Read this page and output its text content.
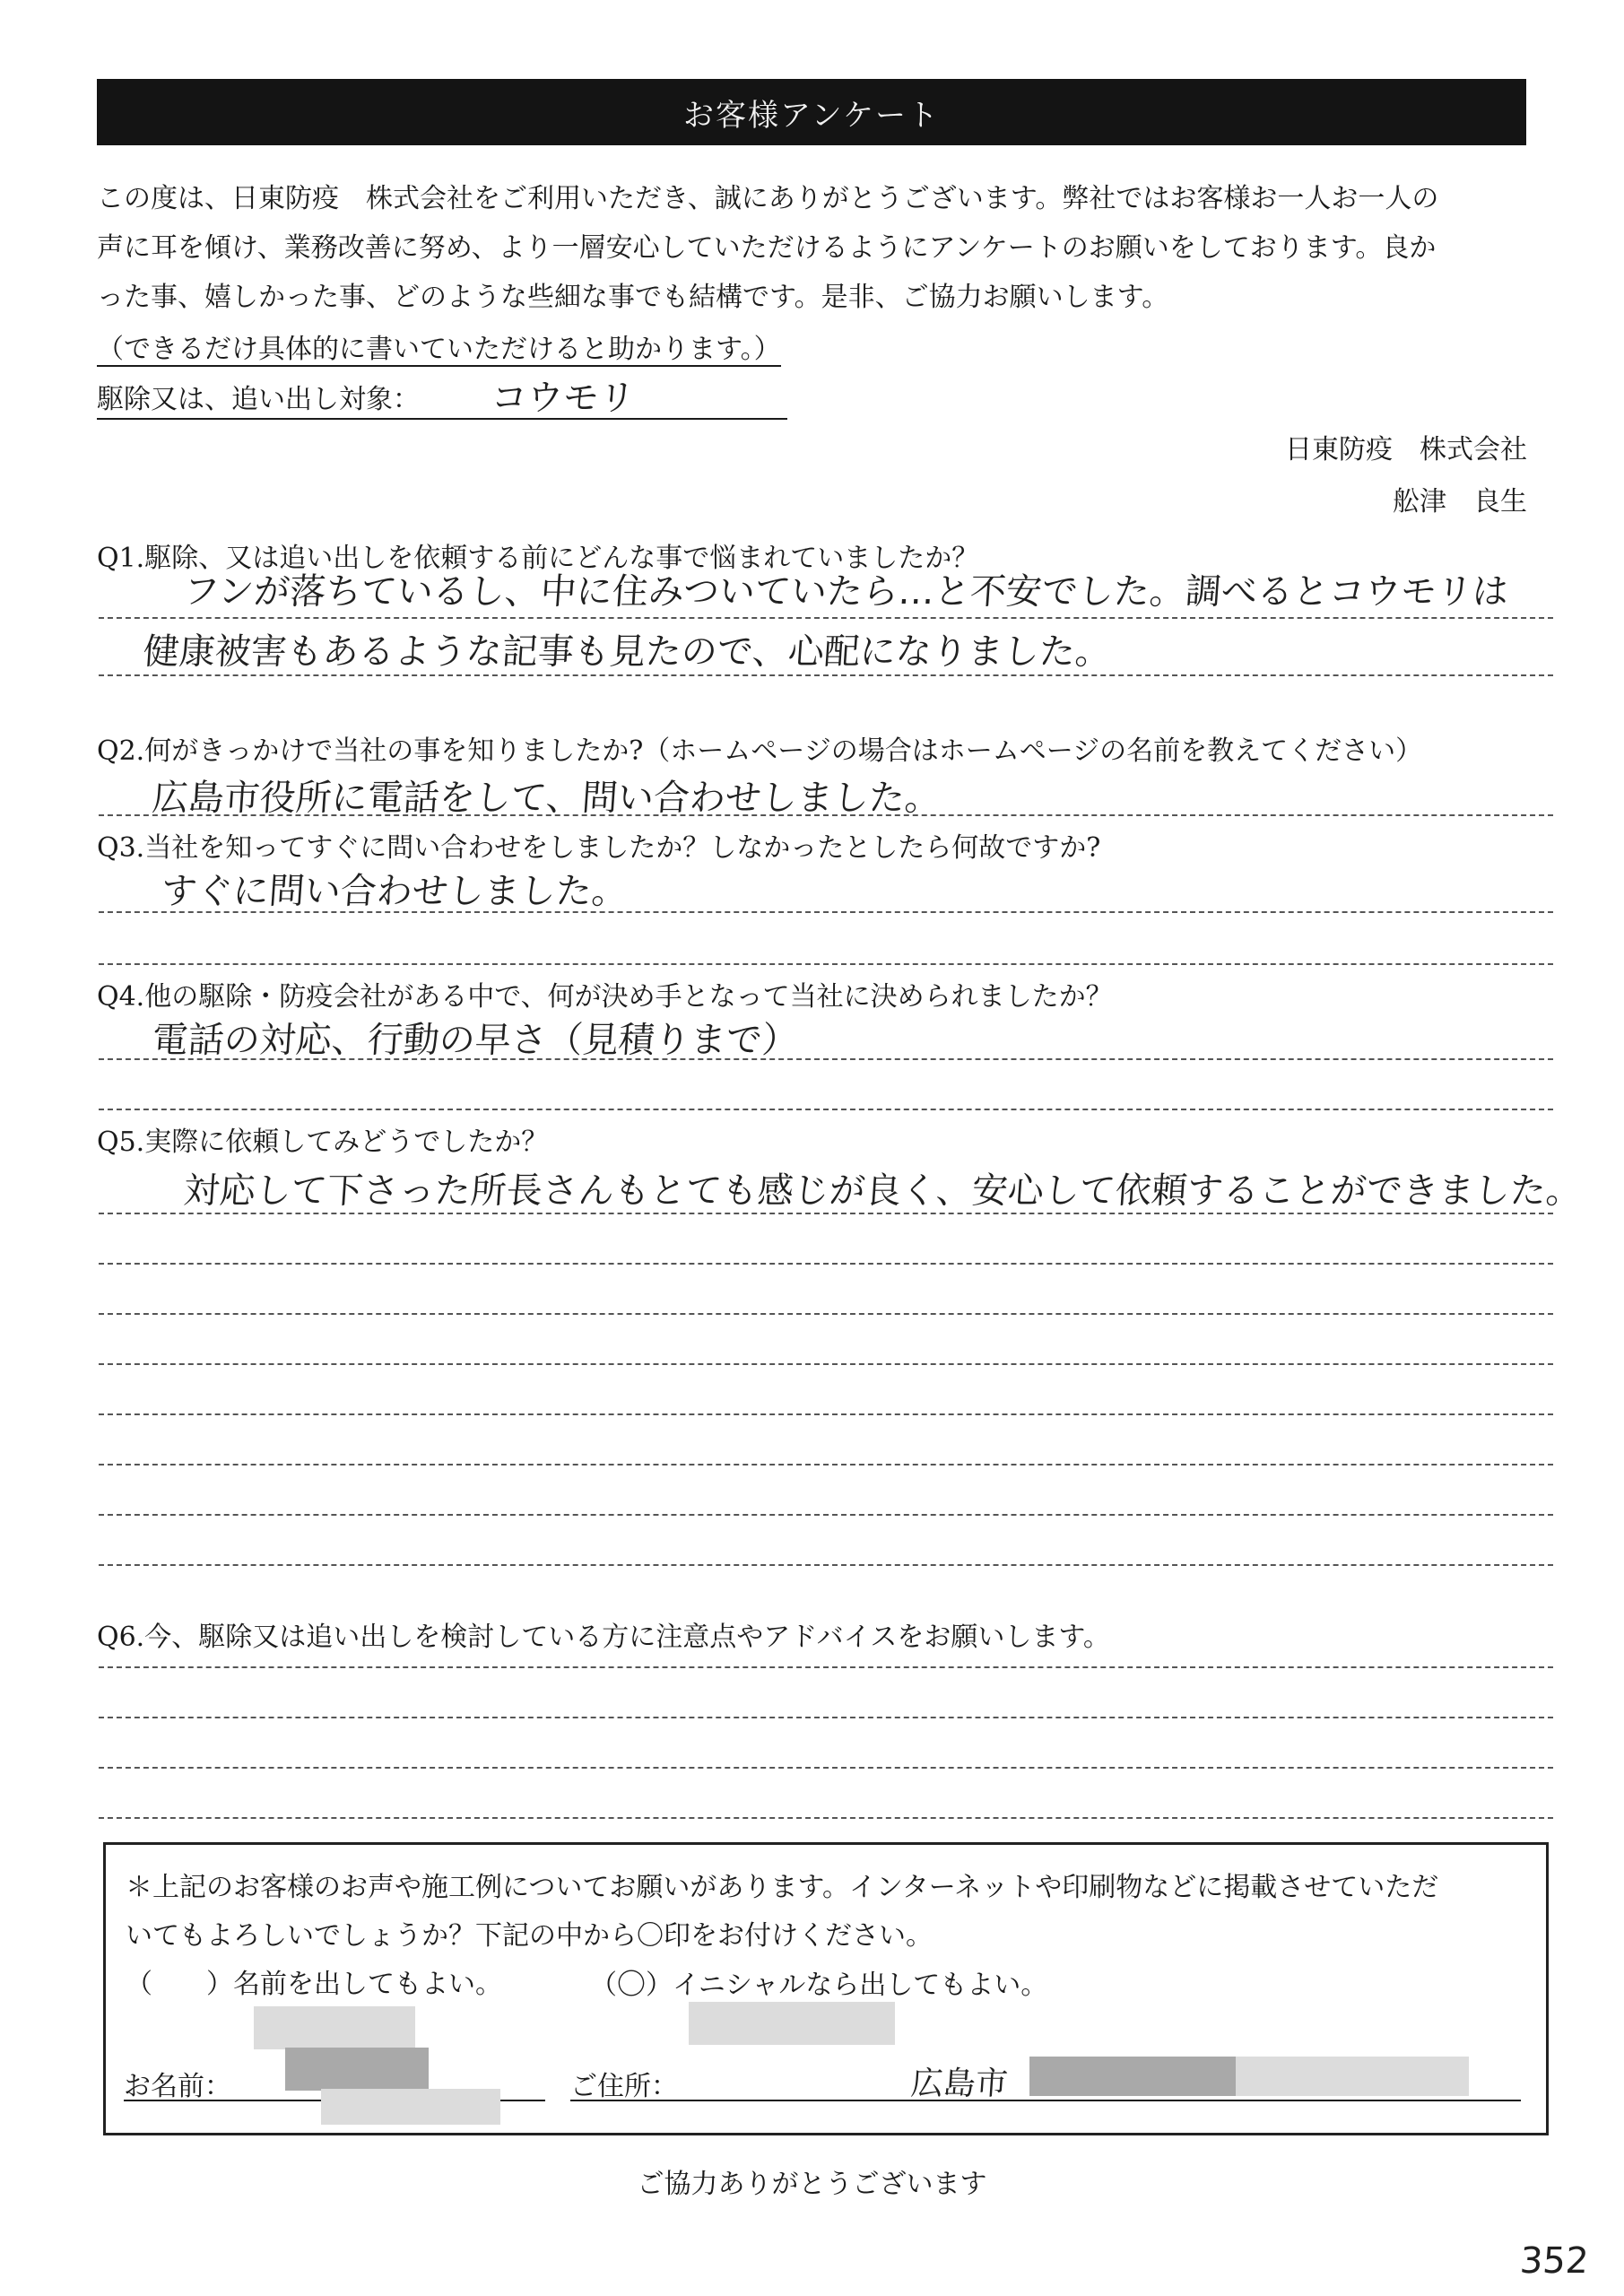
お客様アンケート
この度は、日東防疫　株式会社をご利用いただき、誠にありがとうございます。弊社ではお客様お一人お一人の
声に耳を傾け、業務改善に努め、より一層安心していただけるようにアンケートのお願いをしております。良か
った事、嬉しかった事、どのような些細な事でも結構です。是非、ご協力お願いします。
（できるだけ具体的に書いていただけると助かります。）
駆除又は、追い出し対象： コウモリ
日東防疫　株式会社
舩津　良生
Q1.駆除、又は追い出しを依頼する前にどんな事で悩まれていましたか？
フンが落ちているし、中に住みついていたら…と不安でした。調べるとコウモリは
健康被害もあるような記事も見たので、心配になりました。
Q2.何がきっかけで当社の事を知りましたか?（ホームページの場合はホームページの名前を教えてください）
広島市役所に電話をして、問い合わせしました。
Q3.当社を知ってすぐに問い合わせをしましたか？しなかったとしたら何故ですか?
すぐに問い合わせしました。
Q4.他の駆除・防疫会社がある中で、何が決め手となって当社に決められましたか？
電話の対応、行動の早さ（見積りまで）
Q5.実際に依頼してみどうでしたか？
対応して下さった所長さんもとても感じが良く、安心して依頼することができました。
Q6.今、駆除又は追い出しを検討している方に注意点やアドバイスをお願いします。
＊上記のお客様のお声や施工例についてお願いがあります。インターネットや印刷物などに掲載させていただ
いてもよろしいでしょうか？下記の中から〇印をお付けください。
（　　）名前を出してもよい。	（〇）イニシャルなら出してもよい。
お名前：	ご住所：	広島市
ご協力ありがとうございます
352
